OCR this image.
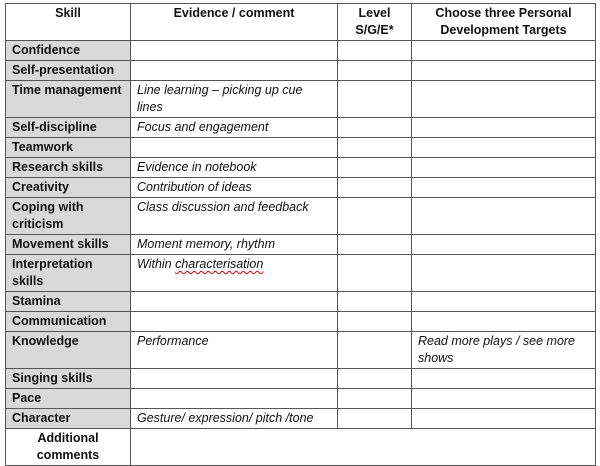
Skill	Evidence / comment	Level S/G/E*	Choose three Personal Development Targets
Confidence			
Self-presentation			
Time management	Line learning – picking up cue lines		
Self-discipline	Focus and engagement		
Teamwork			
Research skills	Evidence in notebook		
Creativity	Contribution of ideas		
Coping with criticism	Class discussion and feedback		
Movement skills	Moment memory, rhythm		
Interpretation skills	Within characterisation		
Stamina			
Communication			
Knowledge	Performance		Read more plays / see more shows
Singing skills			
Pace			
Character	Gesture/ expression/ pitch /tone		
Additional comments			
